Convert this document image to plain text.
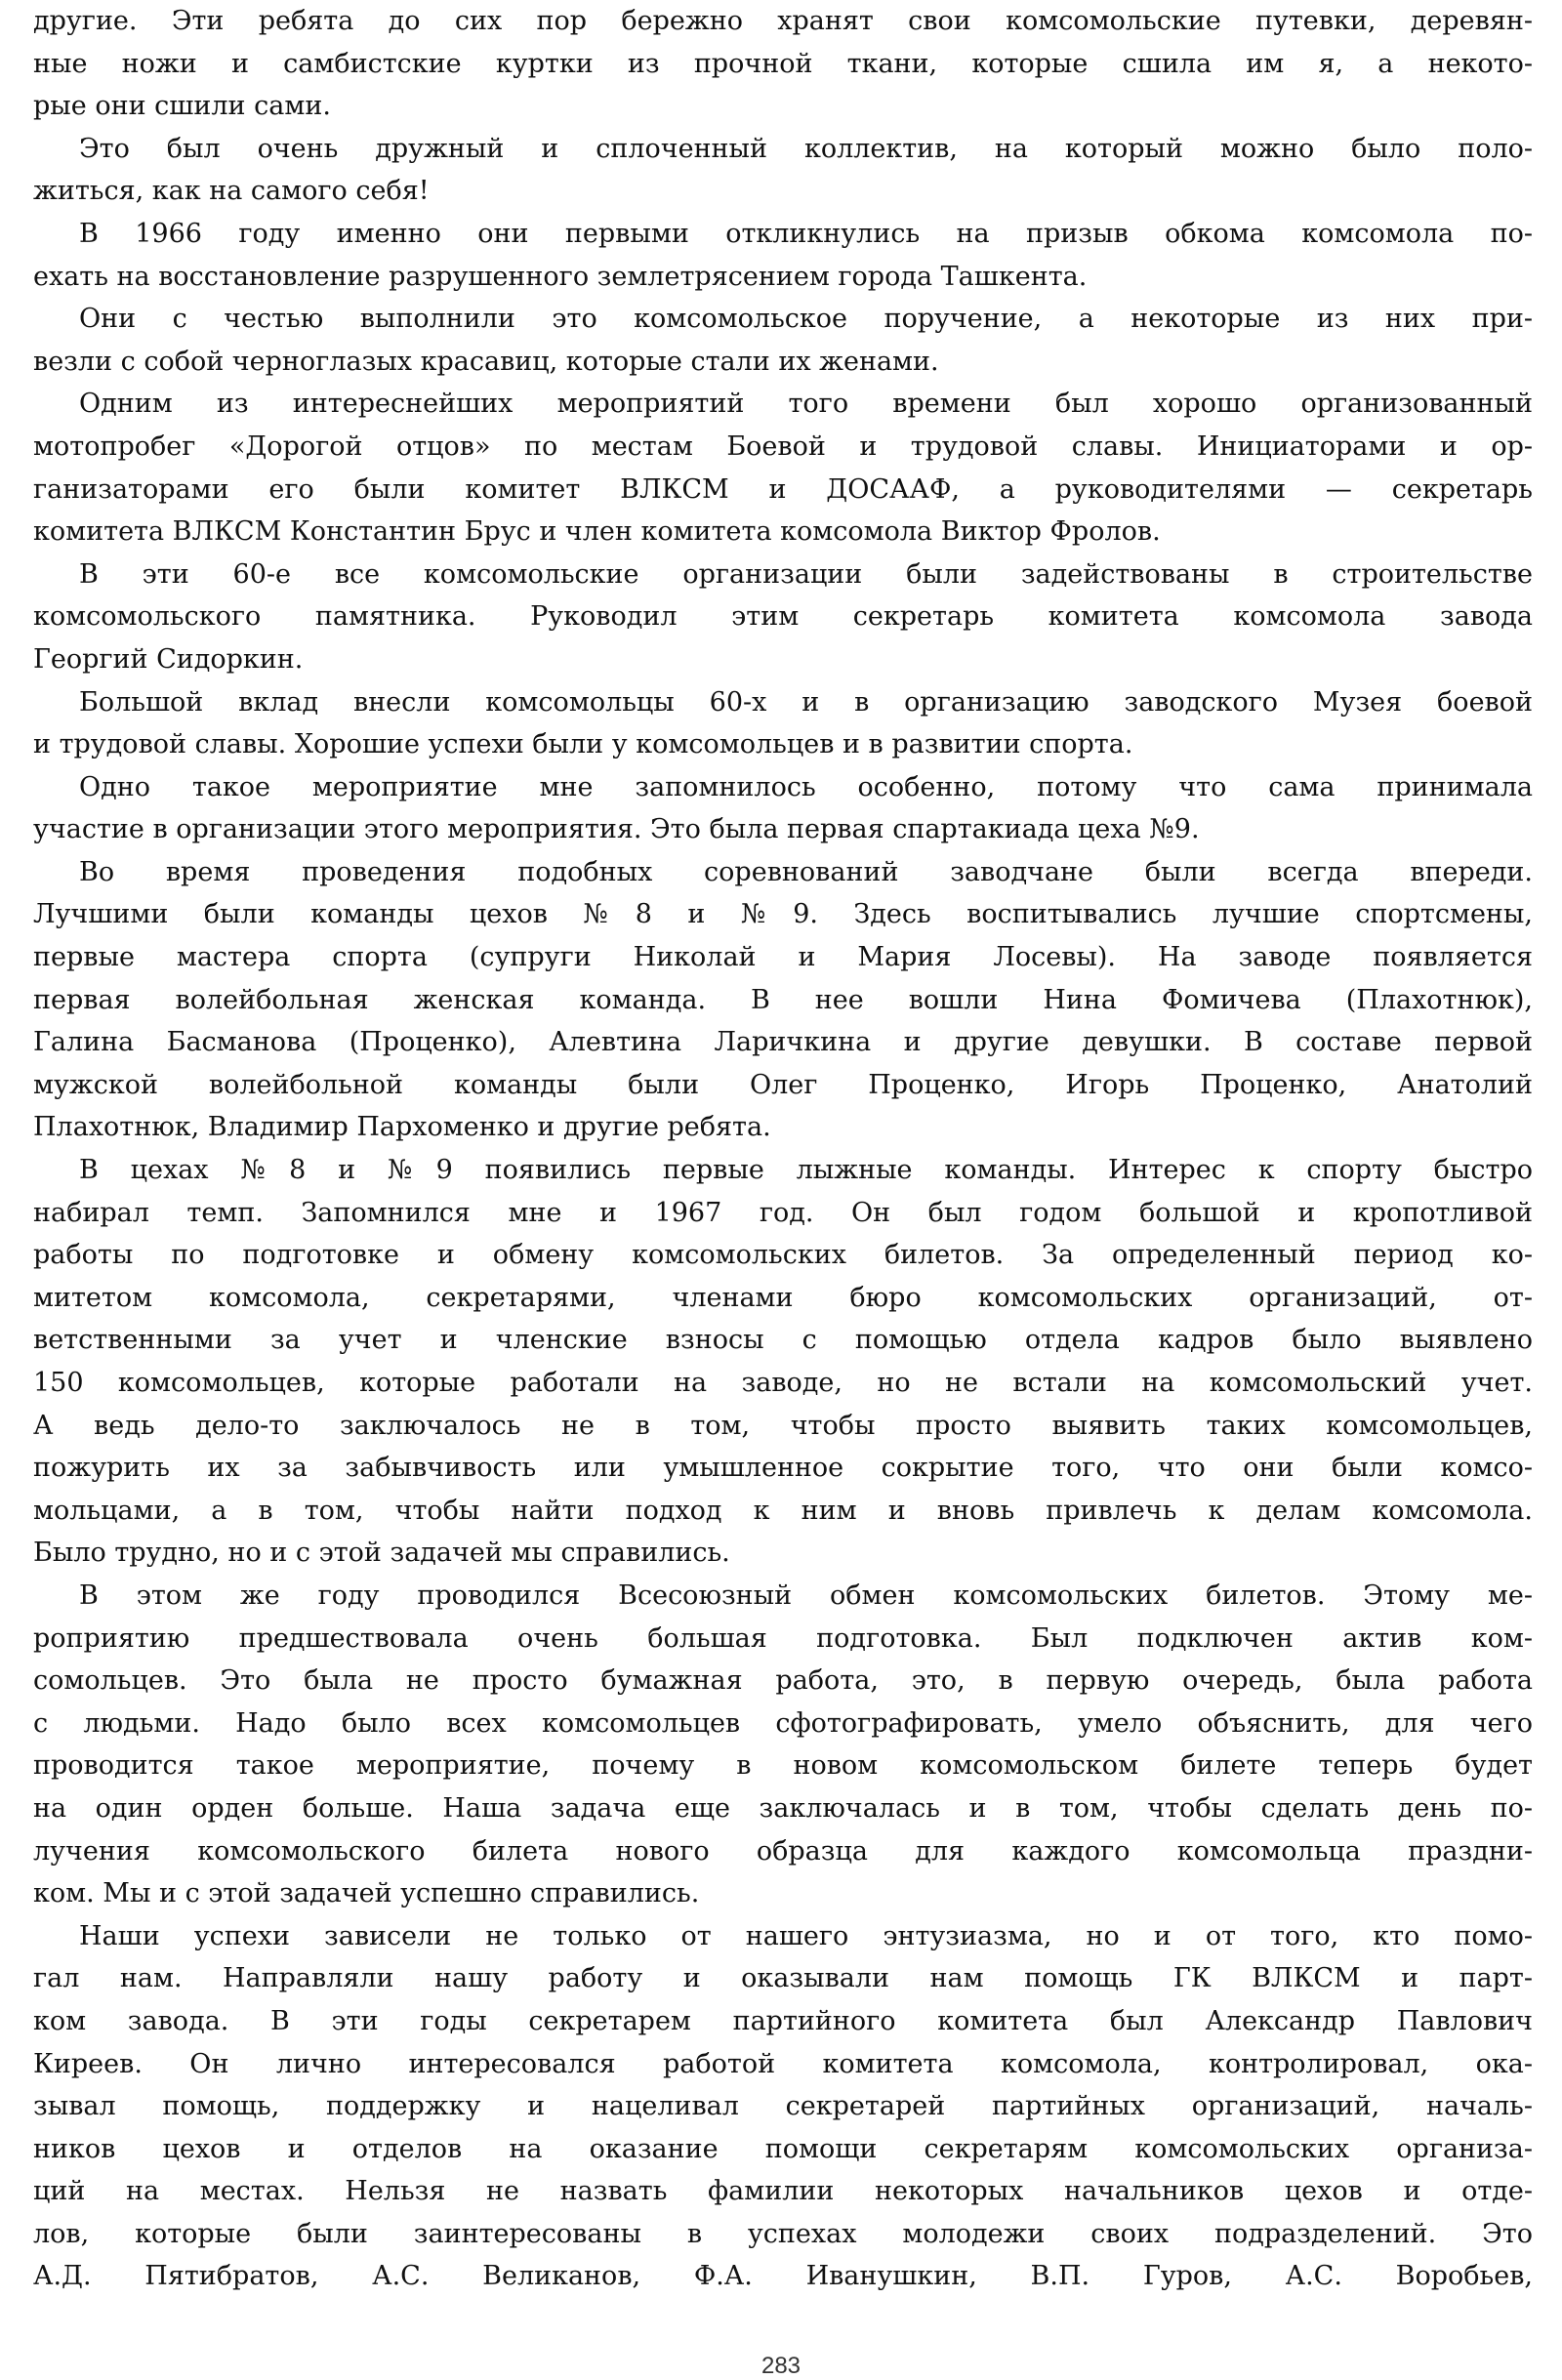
другие. Эти ребята до сих пор бережно хранят свои комсомольские путевки, деревян-
ные ножи и самбистские куртки из прочной ткани, которые сшила им я, а некото-
рые они сшили сами.
Это был очень дружный и сплоченный коллектив, на который можно было поло-
житься, как на самого себя!
В 1966 году именно они первыми откликнулись на призыв обкома комсомола по-
ехать на восстановление разрушенного землетрясением города Ташкента.
Они с честью выполнили это комсомольское поручение, а некоторые из них при-
везли с собой черноглазых красавиц, которые стали их женами.
Одним из интереснейших мероприятий того времени был хорошо организованный
мотопробег «Дорогой отцов» по местам Боевой и трудовой славы. Инициаторами и ор-
ганизаторами его были комитет ВЛКСМ и ДОСААФ, а руководителями — секретарь
комитета ВЛКСМ Константин Брус и член комитета комсомола Виктор Фролов.
В эти 60-е все комсомольские организации были задействованы в строительстве
комсомольского памятника. Руководил этим секретарь комитета комсомола завода
Георгий Сидоркин.
Большой вклад внесли комсомольцы 60-х и в организацию заводского Музея боевой
и трудовой славы. Хорошие успехи были у комсомольцев и в развитии спорта.
Одно такое мероприятие мне запомнилось особенно, потому что сама принимала
участие в организации этого мероприятия. Это была первая спартакиада цеха №9.
Во время проведения подобных соревнований заводчане были всегда впереди.
Лучшими были команды цехов №8 и №9. Здесь воспитывались лучшие спортсмены,
первые мастера спорта (супруги Николай и Мария Лосевы). На заводе появляется
первая волейбольная женская команда. В нее вошли Нина Фомичева (Плахотнюк),
Галина Басманова (Проценко), Алевтина Ларичкина и другие девушки. В составе первой
мужской волейбольной команды были Олег Проценко, Игорь Проценко, Анатолий
Плахотнюк, Владимир Пархоменко и другие ребята.
В цехах №8 и №9 появились первые лыжные команды. Интерес к спорту быстро
набирал темп. Запомнился мне и 1967 год. Он был годом большой и кропотливой
работы по подготовке и обмену комсомольских билетов. За определенный период ко-
митетом комсомола, секретарями, членами бюро комсомольских организаций, от-
ветственными за учет и членские взносы с помощью отдела кадров было выявлено
150 комсомольцев, которые работали на заводе, но не встали на комсомольский учет.
А ведь дело-то заключалось не в том, чтобы просто выявить таких комсомольцев,
пожурить их за забывчивость или умышленное сокрытие того, что они были комсо-
мольцами, а в том, чтобы найти подход к ним и вновь привлечь к делам комсомола.
Было трудно, но и с этой задачей мы справились.
В этом же году проводился Всесоюзный обмен комсомольских билетов. Этому ме-
роприятию предшествовала очень большая подготовка. Был подключен актив ком-
сомольцев. Это была не просто бумажная работа, это, в первую очередь, была работа
с людьми. Надо было всех комсомольцев сфотографировать, умело объяснить, для чего
проводится такое мероприятие, почему в новом комсомольском билете теперь будет
на один орден больше. Наша задача еще заключалась и в том, чтобы сделать день по-
лучения комсомольского билета нового образца для каждого комсомольца праздни-
ком. Мы и с этой задачей успешно справились.
Наши успехи зависели не только от нашего энтузиазма, но и от того, кто помо-
гал нам. Направляли нашу работу и оказывали нам помощь ГК ВЛКСМ и парт-
ком завода. В эти годы секретарем партийного комитета был Александр Павлович
Киреев. Он лично интересовался работой комитета комсомола, контролировал, ока-
зывал помощь, поддержку и нацеливал секретарей партийных организаций, началь-
ников цехов и отделов на оказание помощи секретарям комсомольских организа-
ций на местах. Нельзя не назвать фамилии некоторых начальников цехов и отде-
лов, которые были заинтересованы в успехах молодежи своих подразделений. Это
А.Д. Пятибратов, А.С. Великанов, Ф.А. Иванушкин, В.П. Гуров, А.С. Воробьев,
283
